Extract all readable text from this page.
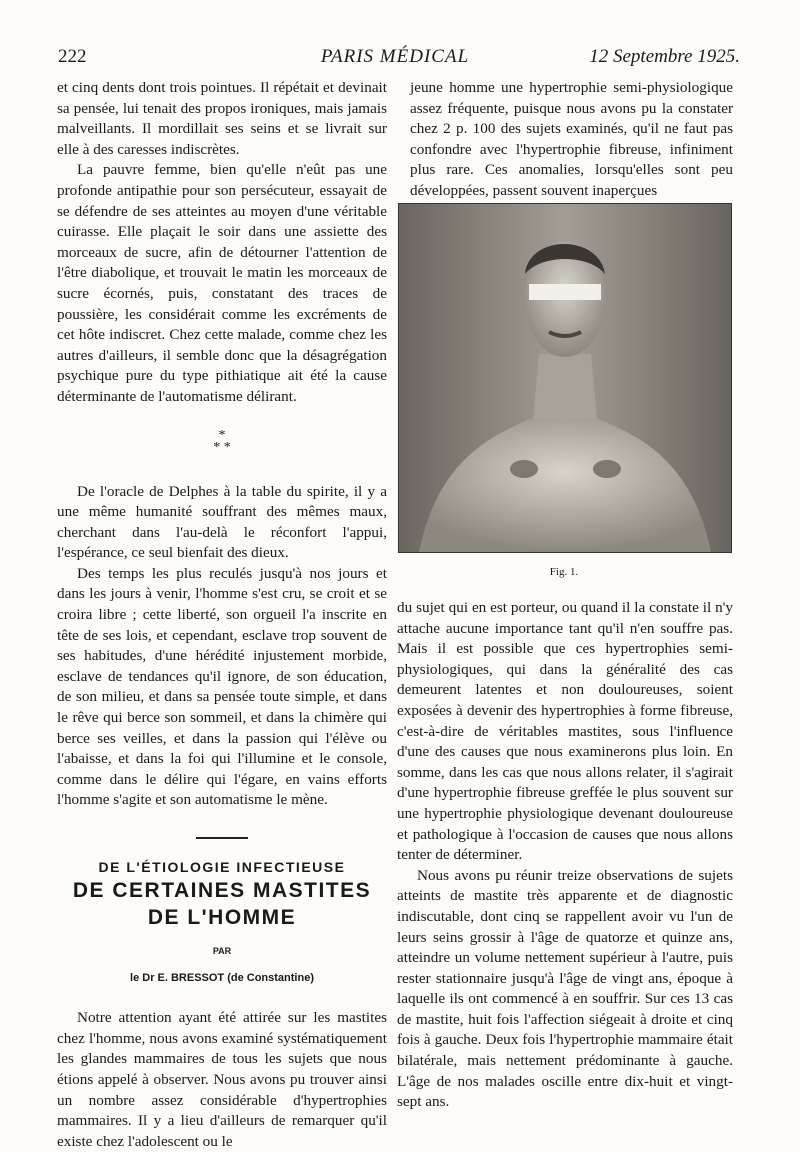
222	PARIS MÉDICAL	12 Septembre 1925.

et cinq dents dont trois pointues. Il répétait et devinait sa pensée, lui tenait des propos ironiques, mais jamais malveillants. Il mordillait ses seins et se livrait sur elle à des caresses indiscrètes.

La pauvre femme, bien qu'elle n'eût pas une profonde antipathie pour son persécuteur, essayait de se défendre de ses atteintes au moyen d'une véritable cuirasse. Elle plaçait le soir dans une assiette des morceaux de sucre, afin de détourner l'attention de l'être diabolique, et trouvait le matin les morceaux de sucre écornés, puis, constatant des traces de poussière, les considérait comme les excréments de cet hôte indiscret. Chez cette malade, comme chez les autres d'ailleurs, il semble donc que la désagrégation psychique pure du type pithiatique ait été la cause déterminante de l'automatisme délirant.

*
* *

De l'oracle de Delphes à la table du spirite, il y a une même humanité souffrant des mêmes maux, cherchant dans l'au-delà le réconfort l'appui, l'espérance, ce seul bienfait des dieux.

Des temps les plus reculés jusqu'à nos jours et dans les jours à venir, l'homme s'est cru, se croit et se croira libre ; cette liberté, son orgueil l'a inscrite en tête de ses lois, et cependant, esclave trop souvent de ses habitudes, d'une hérédité injustement morbide, esclave de tendances qu'il ignore, de son éducation, de son milieu, et dans sa pensée toute simple, et dans le rêve qui berce son sommeil, et dans la chimère qui berce ses veilles, et dans la passion qui l'élève ou l'abaisse, et dans la foi qui l'illumine et le console, comme dans le délire qui l'égare, en vains efforts l'homme s'agite et son automatisme le mène.

DE L'ÉTIOLOGIE INFECTIEUSE
DE CERTAINES MASTITES
DE L'HOMME
PAR
le Dr E. BRESSOT (de Constantine)

Notre attention ayant été attirée sur les mastites chez l'homme, nous avons examiné systématiquement les glandes mammaires de tous les sujets que nous étions appelé à observer. Nous avons pu trouver ainsi un nombre assez considérable d'hypertrophies mammaires. Il y a lieu d'ailleurs de remarquer qu'il existe chez l'adolescent ou le

jeune homme une hypertrophie semi-physiologique assez fréquente, puisque nous avons pu la constater chez 2 p. 100 des sujets examinés, qu'il ne faut pas confondre avec l'hypertrophie fibreuse, infiniment plus rare. Ces anomalies, lorsqu'elles sont peu développées, passent souvent inaperçues

Fig. 1.

du sujet qui en est porteur, ou quand il la constate il n'y attache aucune importance tant qu'il n'en souffre pas. Mais il est possible que ces hypertrophies semi-physiologiques, qui dans la généralité des cas demeurent latentes et non douloureuses, soient exposées à devenir des hypertrophies à forme fibreuse, c'est-à-dire de véritables mastites, sous l'influence d'une des causes que nous examinerons plus loin. En somme, dans les cas que nous allons relater, il s'agirait d'une hypertrophie fibreuse greffée le plus souvent sur une hypertrophie physiologique devenant douloureuse et pathologique à l'occasion de causes que nous allons tenter de déterminer.

Nous avons pu réunir treize observations de sujets atteints de mastite très apparente et de diagnostic indiscutable, dont cinq se rappellent avoir vu l'un de leurs seins grossir à l'âge de quatorze et quinze ans, atteindre un volume nettement supérieur à l'autre, puis rester stationnaire jusqu'à l'âge de vingt ans, époque à laquelle ils ont commencé à en souffrir. Sur ces 13 cas de mastite, huit fois l'affection siégeait à droite et cinq fois à gauche. Deux fois l'hypertrophie mammaire était bilatérale, mais nettement prédominante à gauche. L'âge de nos malades oscille entre dix-huit et vingt-sept ans.
